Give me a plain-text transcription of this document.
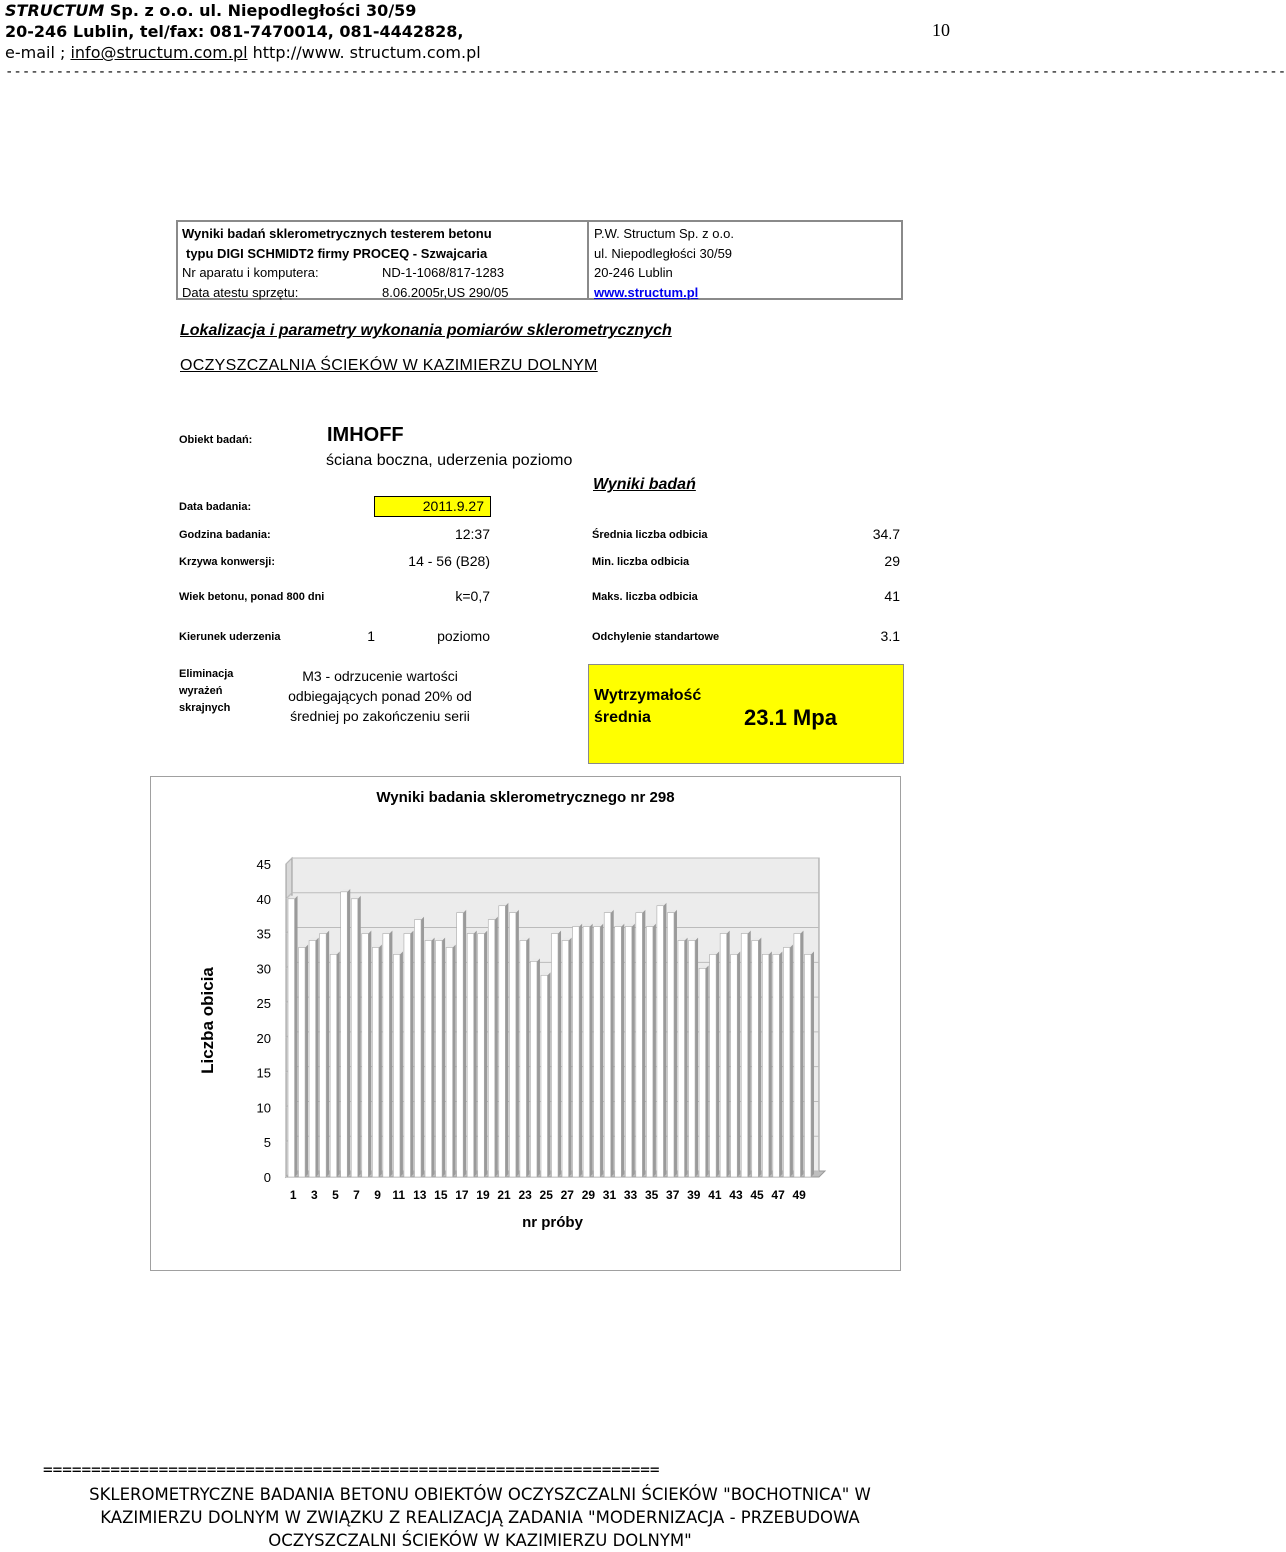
STRUCTUM Sp. z o.o. ul. Niepodległości 30/59
20-246 Lublin, tel/fax: 081-7470014, 081-4442828,
e-mail ; info@structum.com.pl http://www. structum.com.pl
10
--------------------------------------------------------------------------------------------------------------------------------------------------------
Wyniki badań sklerometrycznych testerem betonu
typu DIGI SCHMIDT2 firmy PROCEQ - Szwajcaria
Nr aparatu i komputera:	ND-1-1068/817-1283
Data atestu sprzętu:	8.06.2005r,US 290/05
P.W. Structum Sp. z o.o.
ul. Niepodległości 30/59
20-246 Lublin
www.structum.pl
Lokalizacja i parametry wykonania pomiarów sklerometrycznych
OCZYSZCZALNIA ŚCIEKÓW W KAZIMIERZU DOLNYM
Obiekt badań:	IMHOFF
ściana boczna, uderzenia poziomo
Wyniki badań
Data badania:	2011.9.27
Godzina badania:	12:37
Krzywa konwersji:	14 - 56 (B28)
Wiek betonu, ponad 800 dni	k=0,7
Kierunek uderzenia	1	poziomo
Eliminacja
wyrażeń
skrajnych
M3 - odrzucenie wartości
odbiegających ponad 20% od
średniej po zakończeniu serii
Średnia liczba odbicia	34.7
Min. liczba odbicia	29
Maks. liczba odbicia	41
Odchylenie standartowe	3.1
Wytrzymałość
średnia	23.1 Mpa
Wyniki badania sklerometrycznego nr 298
0
5
10
15
20
25
30
35
40
45
1 3 5 7 9 11 13 15 17 19 21 23 25 27 29 31 33 35 37 39 41 43 45 47 49
nr próby
Liczba obicia
================================================================
SKLEROMETRYCZNE BADANIA BETONU OBIEKTÓW OCZYSZCZALNI ŚCIEKÓW "BOCHOTNICA" W
KAZIMIERZU DOLNYM W ZWIĄZKU Z REALIZACJĄ ZADANIA "MODERNIZACJA - PRZEBUDOWA
OCZYSZCZALNI ŚCIEKÓW W KAZIMIERZU DOLNYM"
